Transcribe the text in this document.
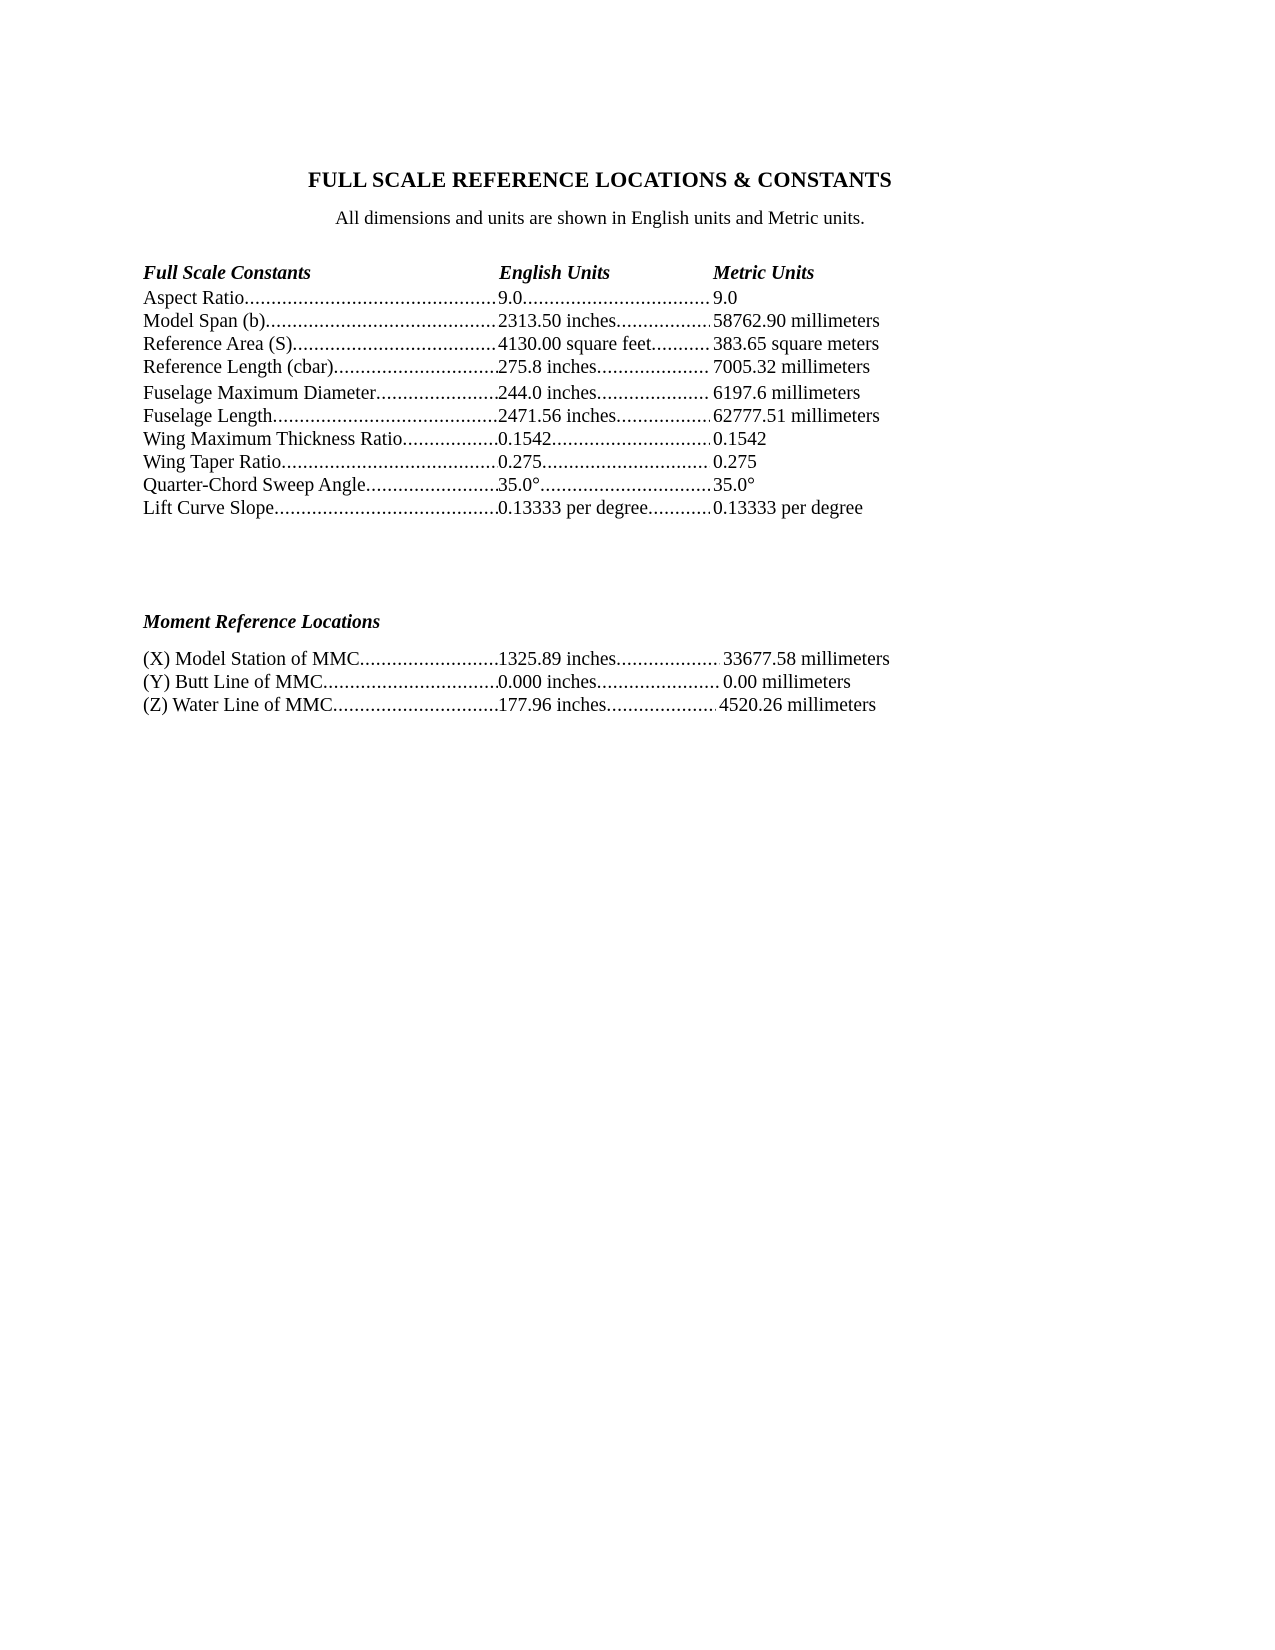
FULL SCALE REFERENCE LOCATIONS & CONSTANTS
All dimensions and units are shown in English units and Metric units.
Full Scale Constants	English Units	Metric Units
Aspect Ratio .....	9.0 .....	9.0
Model Span (b) .....	2313.50 inches .....	58762.90 millimeters
Reference Area (S) .....	4130.00 square feet .....	383.65 square meters
Reference Length (cbar) .....	275.8 inches .....	7005.32 millimeters
Fuselage Maximum Diameter .....	244.0 inches .....	6197.6 millimeters
Fuselage Length .....	2471.56 inches .....	62777.51 millimeters
Wing Maximum Thickness Ratio .....	0.1542 .....	0.1542
Wing Taper Ratio .....	0.275 .....	0.275
Quarter-Chord Sweep Angle .....	35.0° .....	35.0°
Lift Curve Slope .....	0.13333 per degree .....	0.13333 per degree
Moment Reference Locations
(X) Model Station of MMC .....	1325.89 inches .....	33677.58 millimeters
(Y) Butt Line of MMC .....	0.000 inches .....	0.00 millimeters
(Z) Water Line of MMC .....	177.96 inches .....	4520.26 millimeters
